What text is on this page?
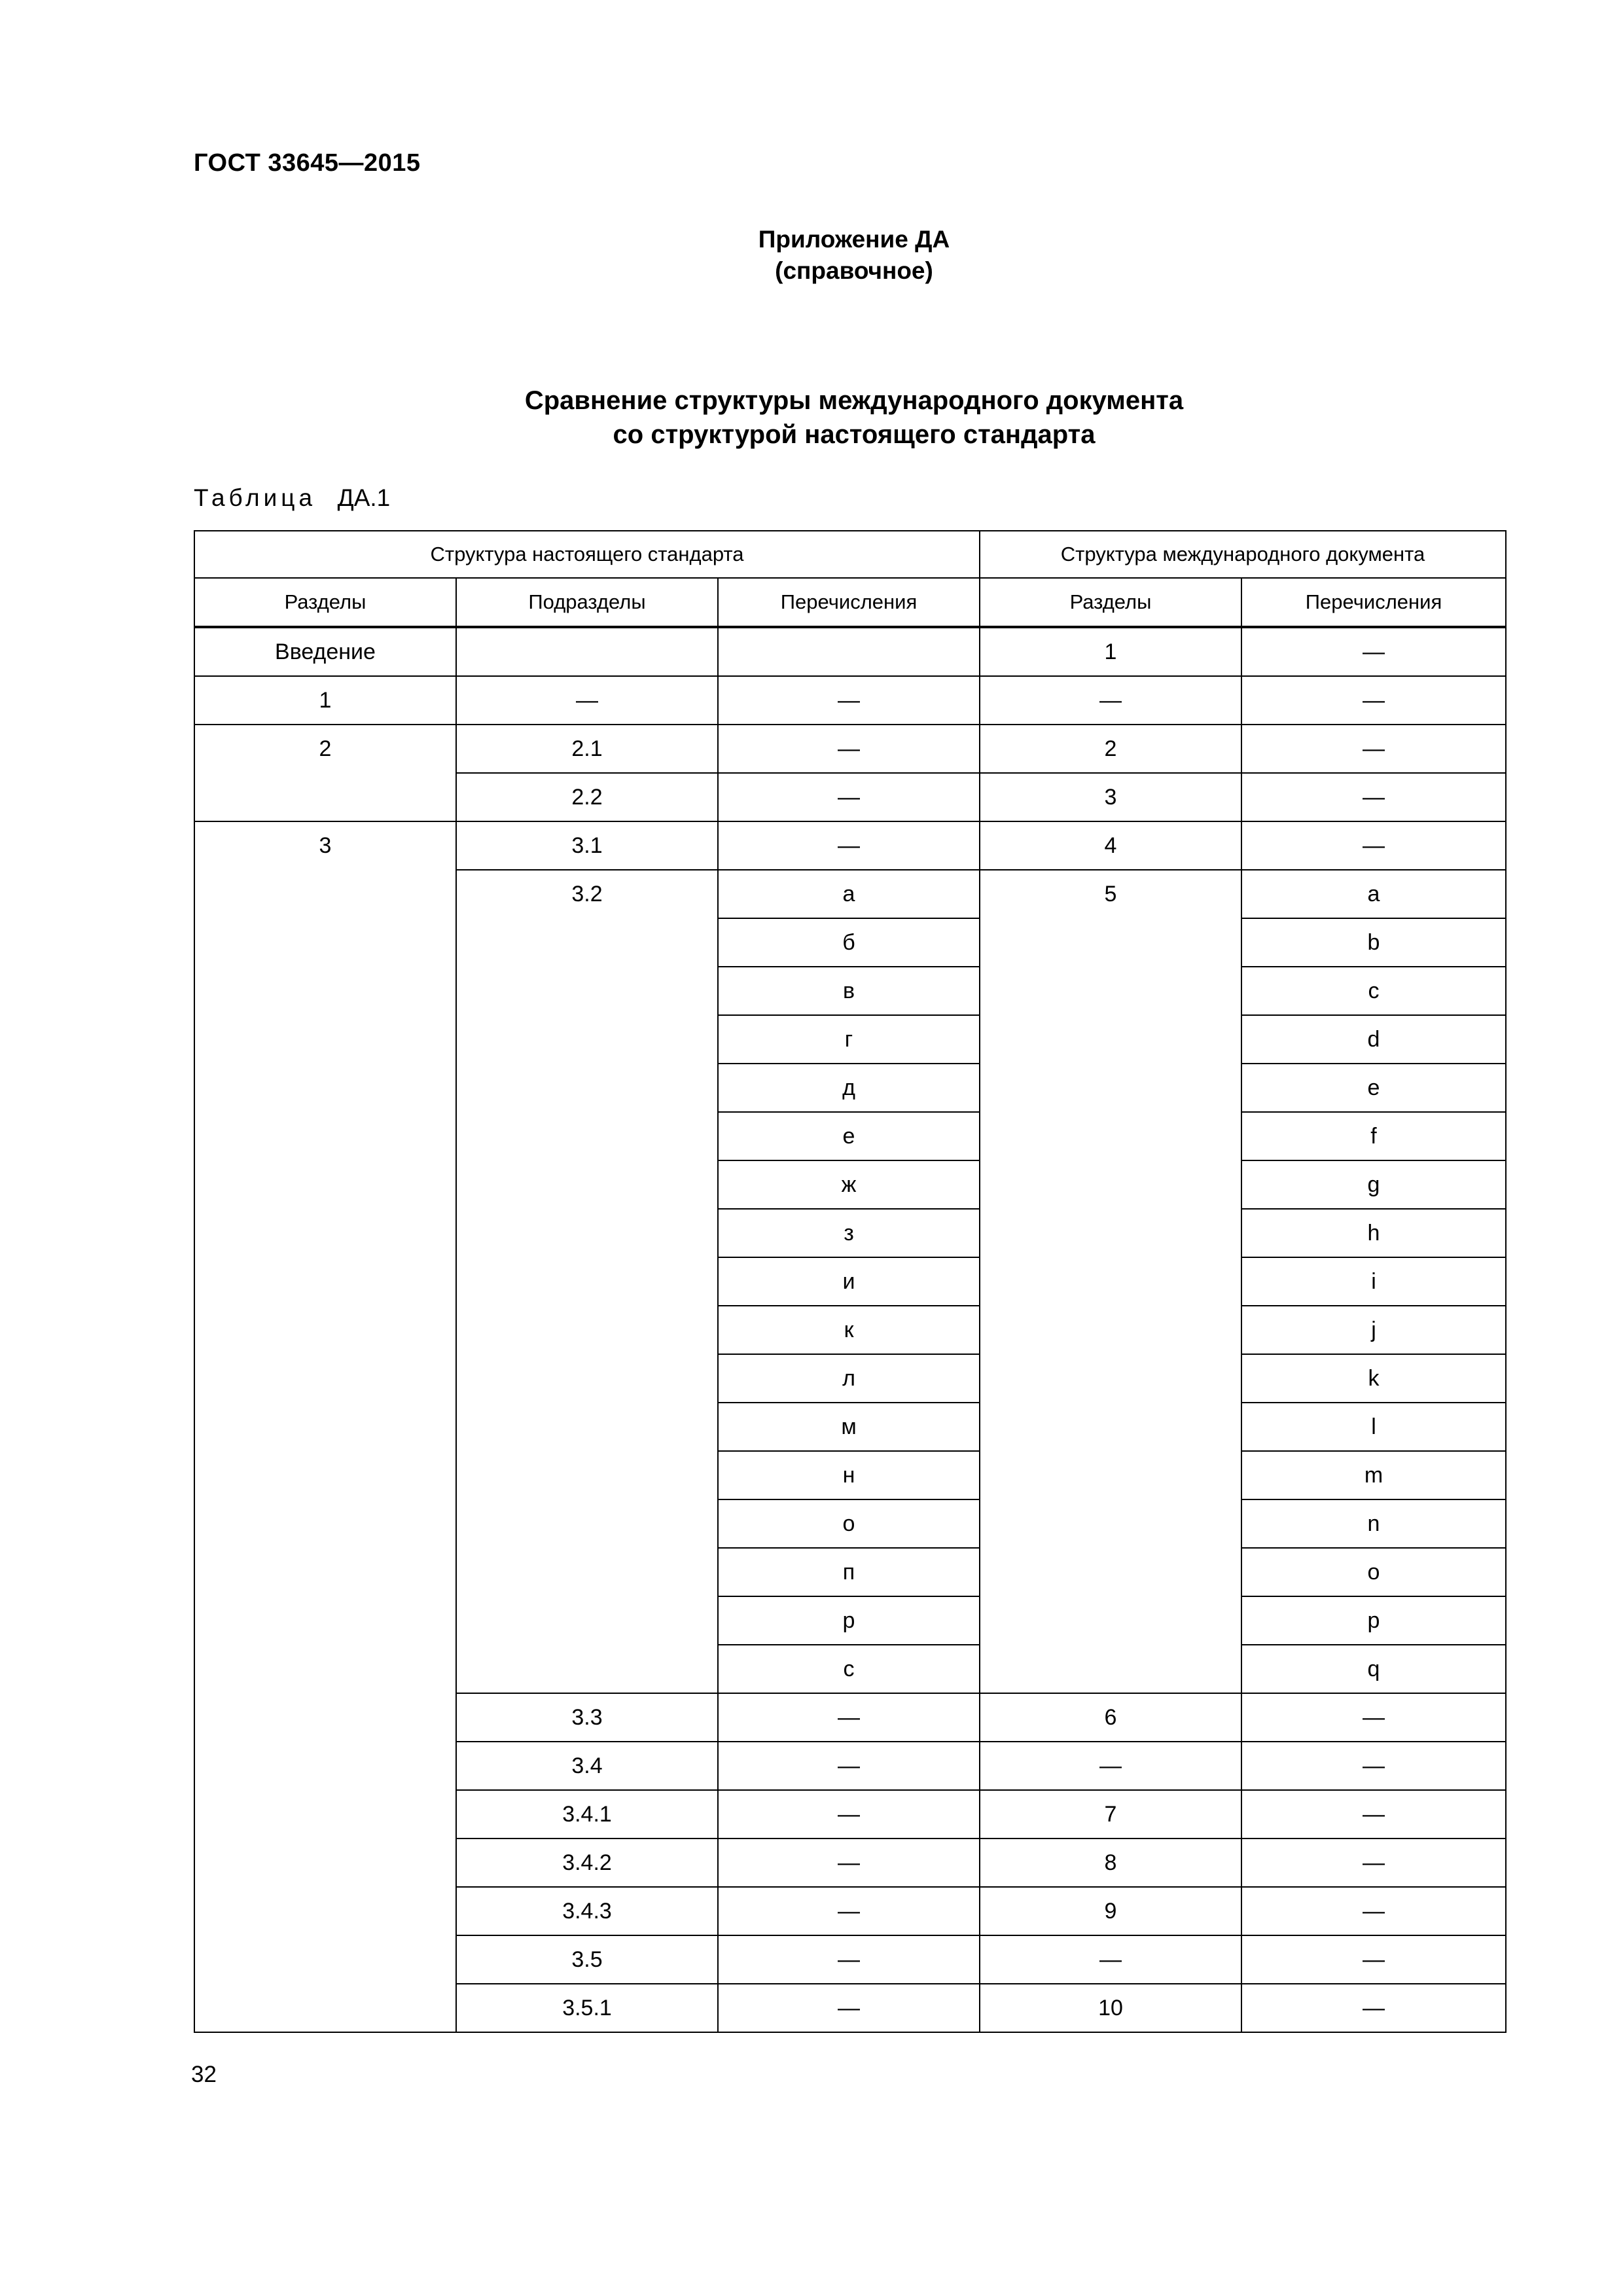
ГОСТ 33645—2015
Приложение ДА
(справочное)
Сравнение структуры международного документа
со структурой настоящего стандарта
Таблица ДА.1
Структура настоящего стандарта			Структура международного документа	
Разделы	Подразделы	Перечисления	Разделы	Перечисления
Введение			1	—
1	—	—	—	—
2	2.1	—	2	—
	2.2	—	3	—
3	3.1	—	4	—
	3.2	а	5	a
		б		b
		в		c
		г		d
		д		e
		е		f
		ж		g
		з		h
		и		i
		к		j
		л		k
		м		l
		н		m
		о		n
		п		o
		р		p
		с		q
	3.3	—	6	—
	3.4	—	—	—
	3.4.1	—	7	—
	3.4.2	—	8	—
	3.4.3	—	9	—
	3.5	—	—	—
	3.5.1	—	10	—
32
